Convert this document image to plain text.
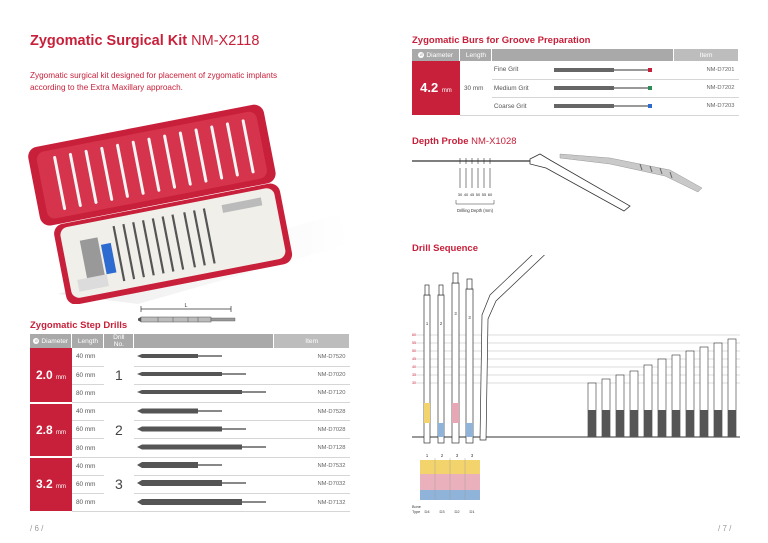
Zygomatic Surgical Kit NM-X2118
Zygomatic surgical kit designed for placement of zygomatic implants
according to the Extra Maxillary approach.
L
Zygomatic Step Drills
⌀ Diameter	Length	Drill No.		Item
2.0 mm	40 mm	1		NM-D7520
	60 mm			NM-D7020
	80 mm			NM-D7120
2.8 mm	40 mm	2		NM-D7528
	60 mm			NM-D7028
	80 mm			NM-D7128
3.2 mm	40 mm	3		NM-D7532
	60 mm			NM-D7032
	80 mm			NM-D7132
/ 6 /
Zygomatic Burs for Groove Preparation
⌀ Diameter	Length		Item
4.2 mm	30 mm	Fine Grit	NM-D7201
		Medium Grit	NM-D7202
		Coarse Grit	NM-D7203
Depth Probe NM-X1028
30 40 45 50 55 60
Drilling Depth (mm)
Drill Sequence
60
55
50
45
40
35
30
1	2
3
3
1	2	3	3
Bone
Type D4 D3 D2 D1
/ 7 /
